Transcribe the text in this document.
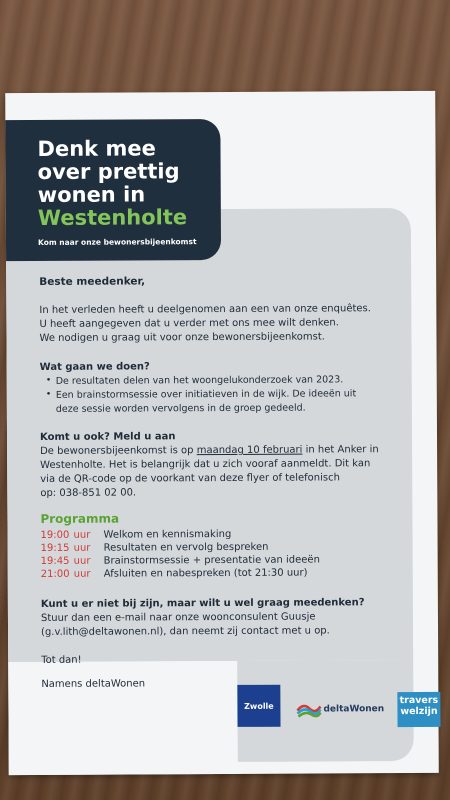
Denk mee
over prettig
wonen in
Westenholte
Kom naar onze bewonersbijeenkomst
Beste meedenker,
In het verleden heeft u deelgenomen aan een van onze enquêtes.
U heeft aangegeven dat u verder met ons mee wilt denken.
We nodigen u graag uit voor onze bewonersbijeenkomst.
Wat gaan we doen?
• De resultaten delen van het woongelukonderzoek van 2023.
• Een brainstormsessie over initiatieven in de wijk. De ideeën uit
deze sessie worden vervolgens in de groep gedeeld.
Komt u ook? Meld u aan
De bewonersbijeenkomst is op maandag 10 februari in het Anker in
Westenholte. Het is belangrijk dat u zich vooraf aanmeldt. Dit kan
via de QR-code op de voorkant van deze flyer of telefonisch
op: 038-851 02 00.
Programma
19:00 uur Welkom en kennismaking
19:15 uur Resultaten en vervolg bespreken
19:45 uur Brainstormsessie + presentatie van ideeën
21:00 uur Afsluiten en nabespreken (tot 21:30 uur)
Kunt u er niet bij zijn, maar wilt u wel graag meedenken?
Stuur dan een e-mail naar onze woonconsulent Guusje
(g.v.lith@deltawonen.nl), dan neemt zij contact met u op.
Tot dan!
Namens deltaWonen
Zwolle	deltaWonen
travers
welzijn
